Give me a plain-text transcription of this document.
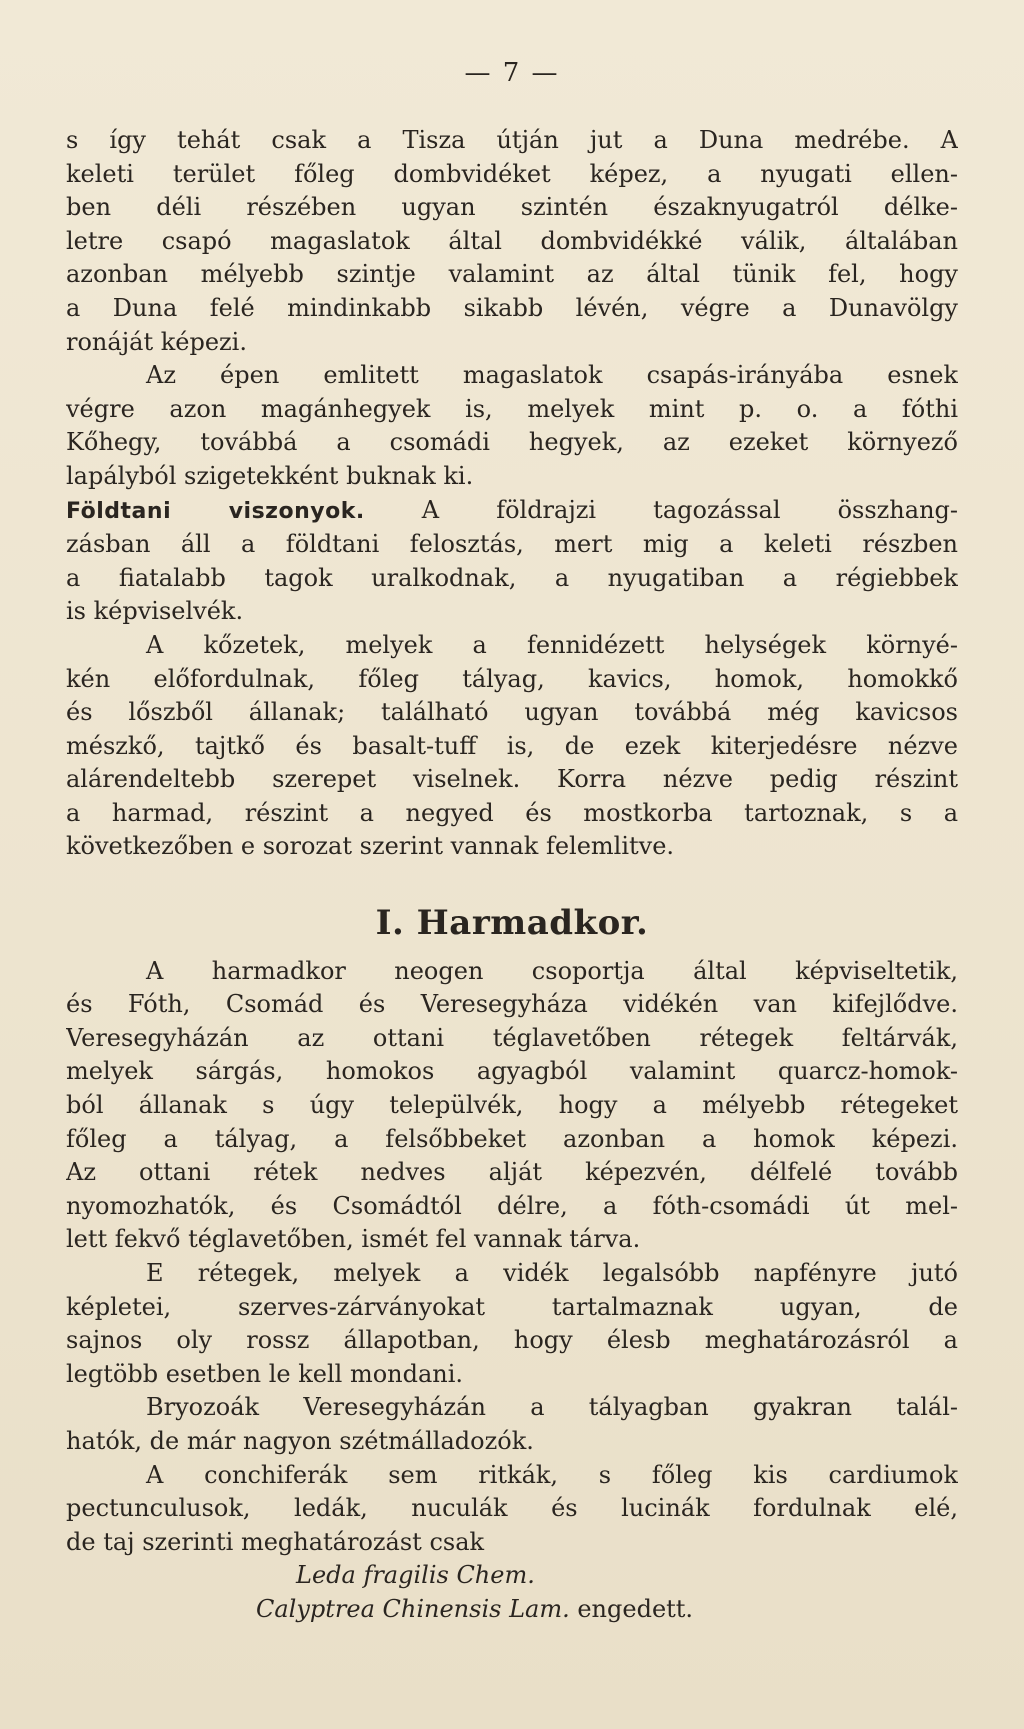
— 7 —
s így tehát csak a Tisza útján jut a Duna medrébe. A
keleti terület főleg dombvidéket képez, a nyugati ellen-
ben déli részében ugyan szintén északnyugatról délke-
letre csapó magaslatok által dombvidékké válik, általában
azonban mélyebb szintje valamint az által tünik fel, hogy
a Duna felé mindinkabb sikabb lévén, végre a Dunavölgy
ronáját képezi.
Az épen emlitett magaslatok csapás-irányába esnek
végre azon magánhegyek is, melyek mint p. o. a fóthi
Kőhegy, továbbá a csomádi hegyek, az ezeket környező
lapályból szigetekként buknak ki.
Földtani viszonyok. A földrajzi tagozással összhang-
zásban áll a földtani felosztás, mert mig a keleti részben
a fiatalabb tagok uralkodnak, a nyugatiban a régiebbek
is képviselvék.
A kőzetek, melyek a fennidézett helységek környé-
kén előfordulnak, főleg tályag, kavics, homok, homokkő
és lőszből állanak; található ugyan továbbá még kavicsos
mészkő, tajtkő és basalt-tuff is, de ezek kiterjedésre nézve
alárendeltebb szerepet viselnek. Korra nézve pedig részint
a harmad, részint a negyed és mostkorba tartoznak, s a
következőben e sorozat szerint vannak felemlitve.
I. Harmadkor.
A harmadkor neogen csoportja által képviseltetik,
és Fóth, Csomád és Veresegyháza vidékén van kifejlődve.
Veresegyházán az ottani téglavetőben rétegek feltárvák,
melyek sárgás, homokos agyagból valamint quarcz-homok-
ból állanak s úgy települvék, hogy a mélyebb rétegeket
főleg a tályag, a felsőbbeket azonban a homok képezi.
Az ottani rétek nedves alját képezvén, délfelé tovább
nyomozhatók, és Csomádtól délre, a fóth-csomádi út mel-
lett fekvő téglavetőben, ismét fel vannak tárva.
E rétegek, melyek a vidék legalsóbb napfényre jutó
képletei, szerves-zárványokat tartalmaznak ugyan, de
sajnos oly rossz állapotban, hogy élesb meghatározásról a
legtöbb esetben le kell mondani.
Bryozoák Veresegyházán a tályagban gyakran talál-
hatók, de már nagyon szétmálladozók.
A conchiferák sem ritkák, s főleg kis cardiumok
pectunculusok, ledák, nuculák és lucinák fordulnak elé,
de taj szerinti meghatározást csak
Leda fragilis Chem.
Calyptrea Chinensis Lam. engedett.
